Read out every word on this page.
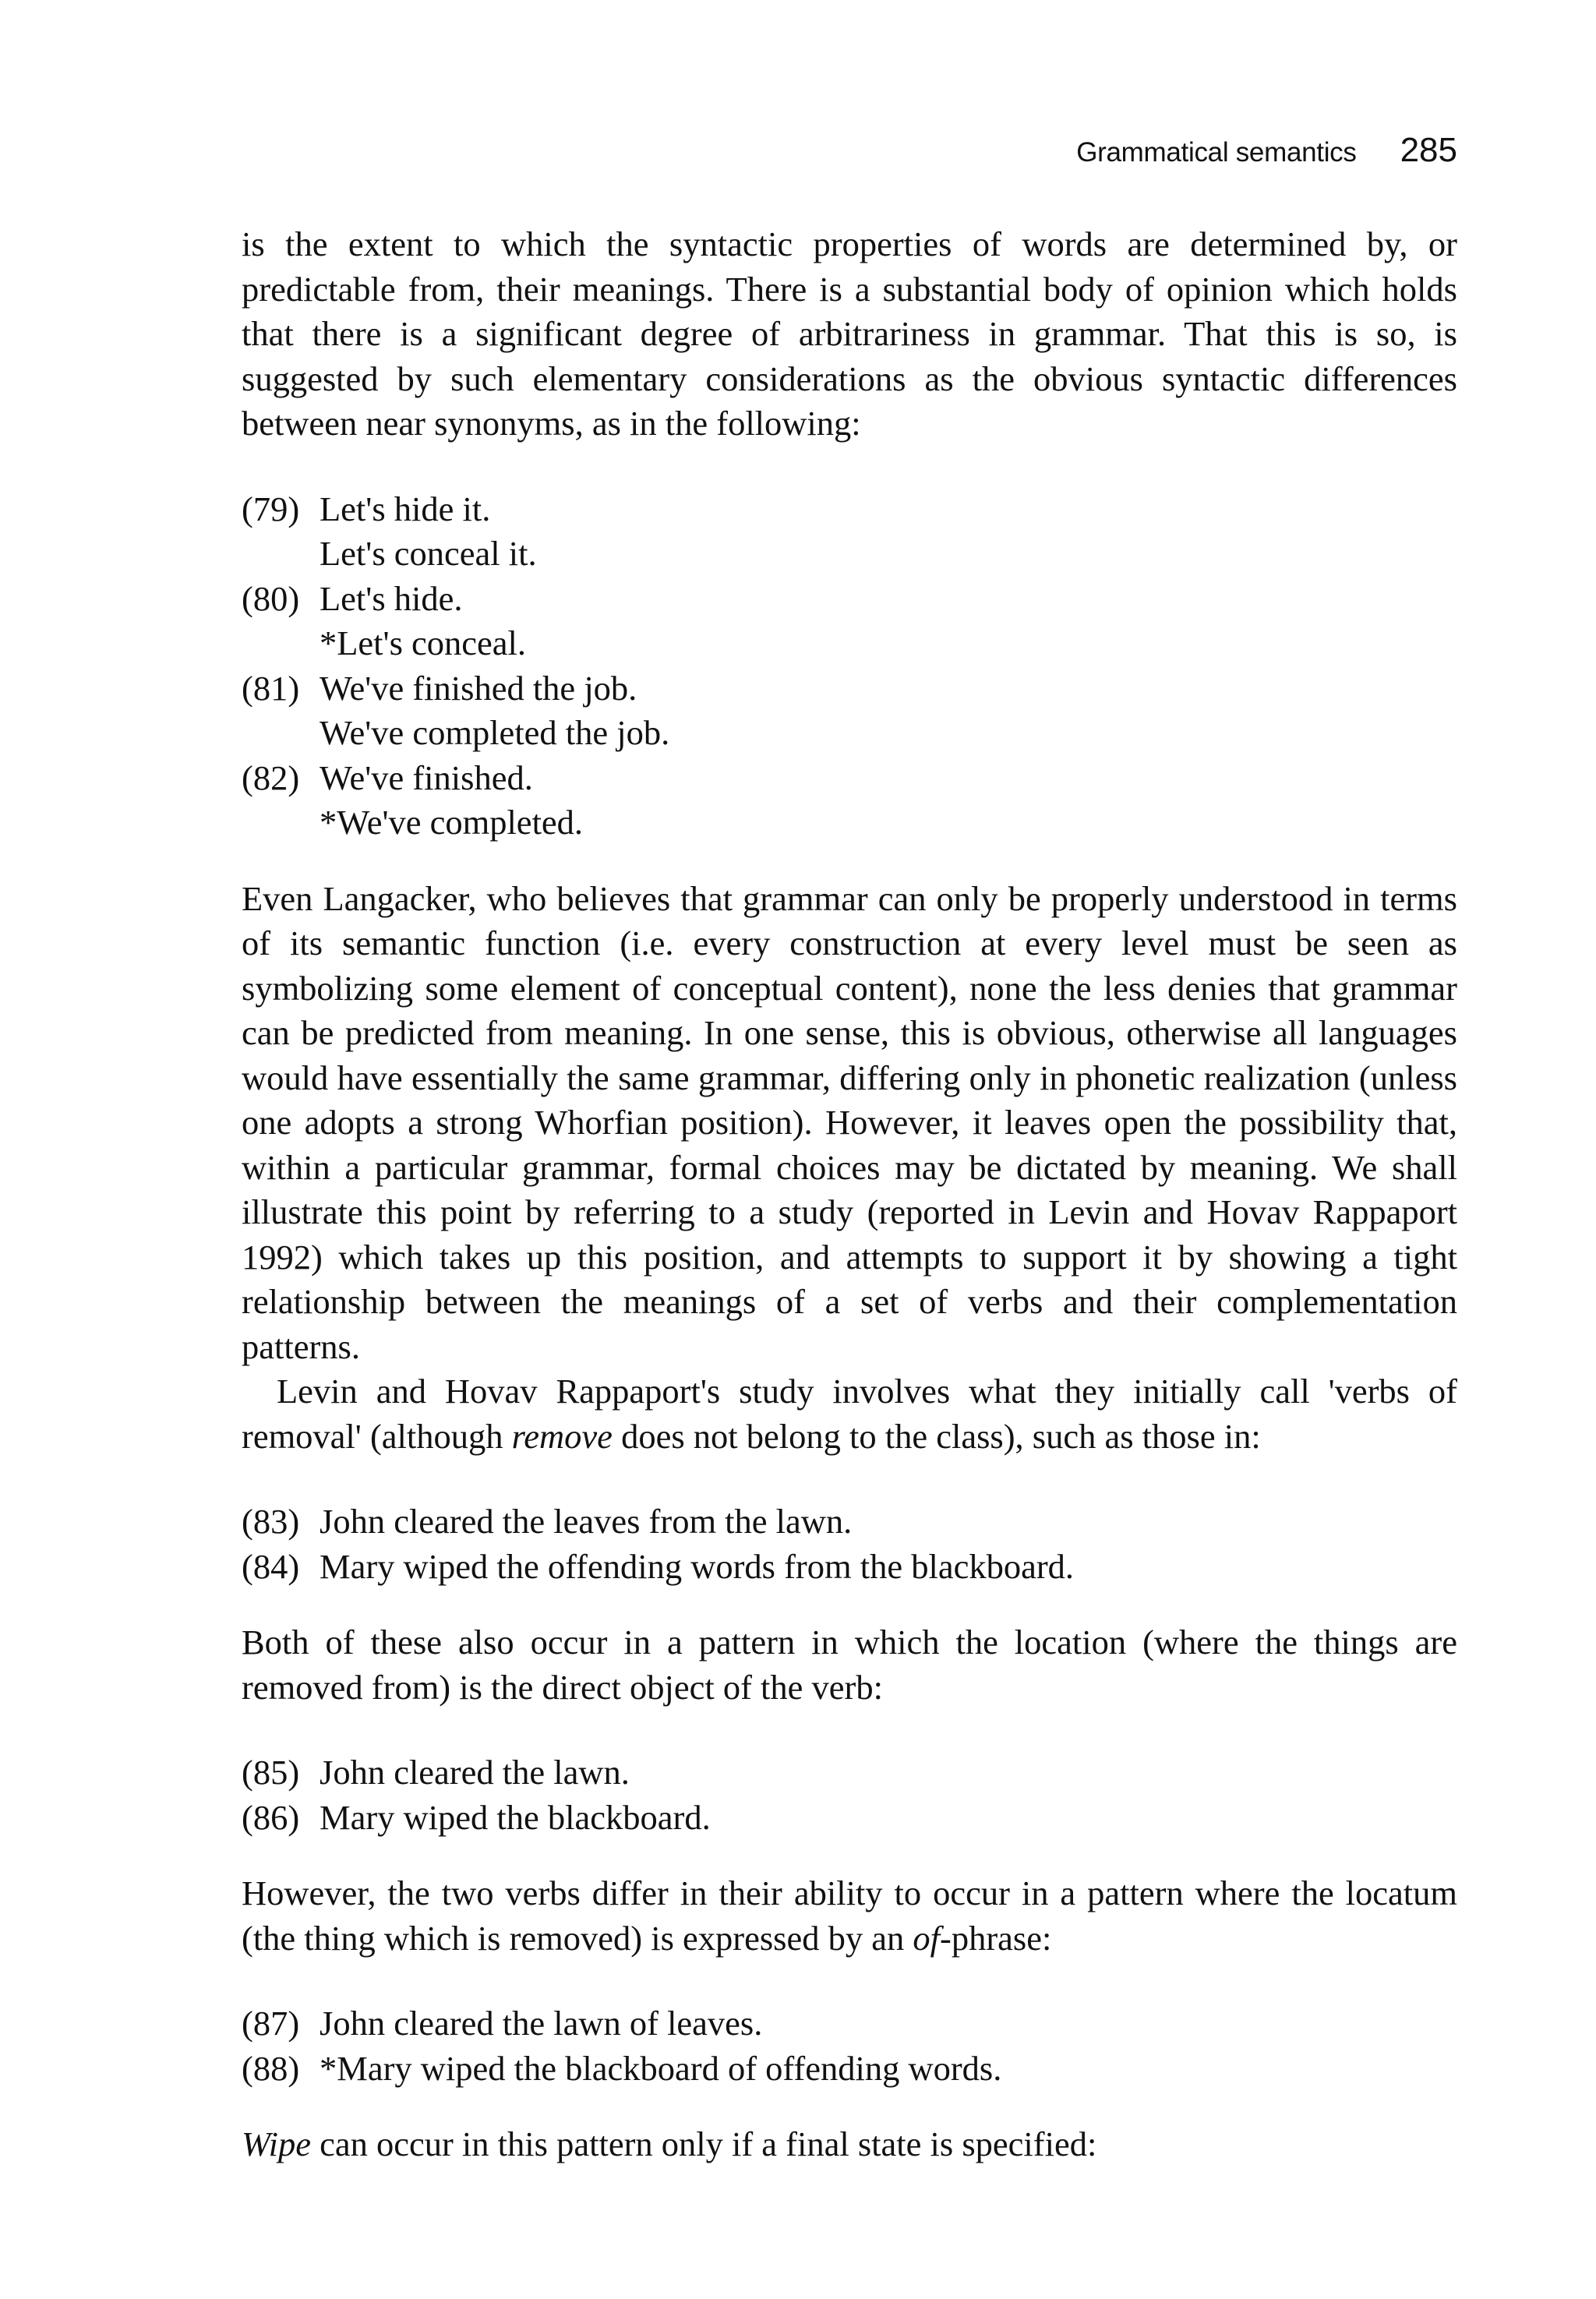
Grammatical semantics 285

is the extent to which the syntactic properties of words are determined by, or predictable from, their meanings. There is a substantial body of opinion which holds that there is a significant degree of arbitrariness in grammar. That this is so, is suggested by such elementary considerations as the obvious syntactic differences between near synonyms, as in the following:

(79) Let's hide it.
Let's conceal it.
(80) Let's hide.
*Let's conceal.
(81) We've finished the job.
We've completed the job.
(82) We've finished.
*We've completed.

Even Langacker, who believes that grammar can only be properly understood in terms of its semantic function (i.e. every construction at every level must be seen as symbolizing some element of conceptual content), none the less denies that grammar can be predicted from meaning. In one sense, this is obvious, otherwise all languages would have essentially the same grammar, differing only in phonetic realization (unless one adopts a strong Whorfian position). However, it leaves open the possibility that, within a particular grammar, formal choices may be dictated by meaning. We shall illustrate this point by referring to a study (reported in Levin and Hovav Rappaport 1992) which takes up this position, and attempts to support it by showing a tight relationship between the meanings of a set of verbs and their complementation patterns.

Levin and Hovav Rappaport's study involves what they initially call 'verbs of removal' (although remove does not belong to the class), such as those in:

(83) John cleared the leaves from the lawn.
(84) Mary wiped the offending words from the blackboard.

Both of these also occur in a pattern in which the location (where the things are removed from) is the direct object of the verb:

(85) John cleared the lawn.
(86) Mary wiped the blackboard.

However, the two verbs differ in their ability to occur in a pattern where the locatum (the thing which is removed) is expressed by an of-phrase:

(87) John cleared the lawn of leaves.
(88) *Mary wiped the blackboard of offending words.

Wipe can occur in this pattern only if a final state is specified:
